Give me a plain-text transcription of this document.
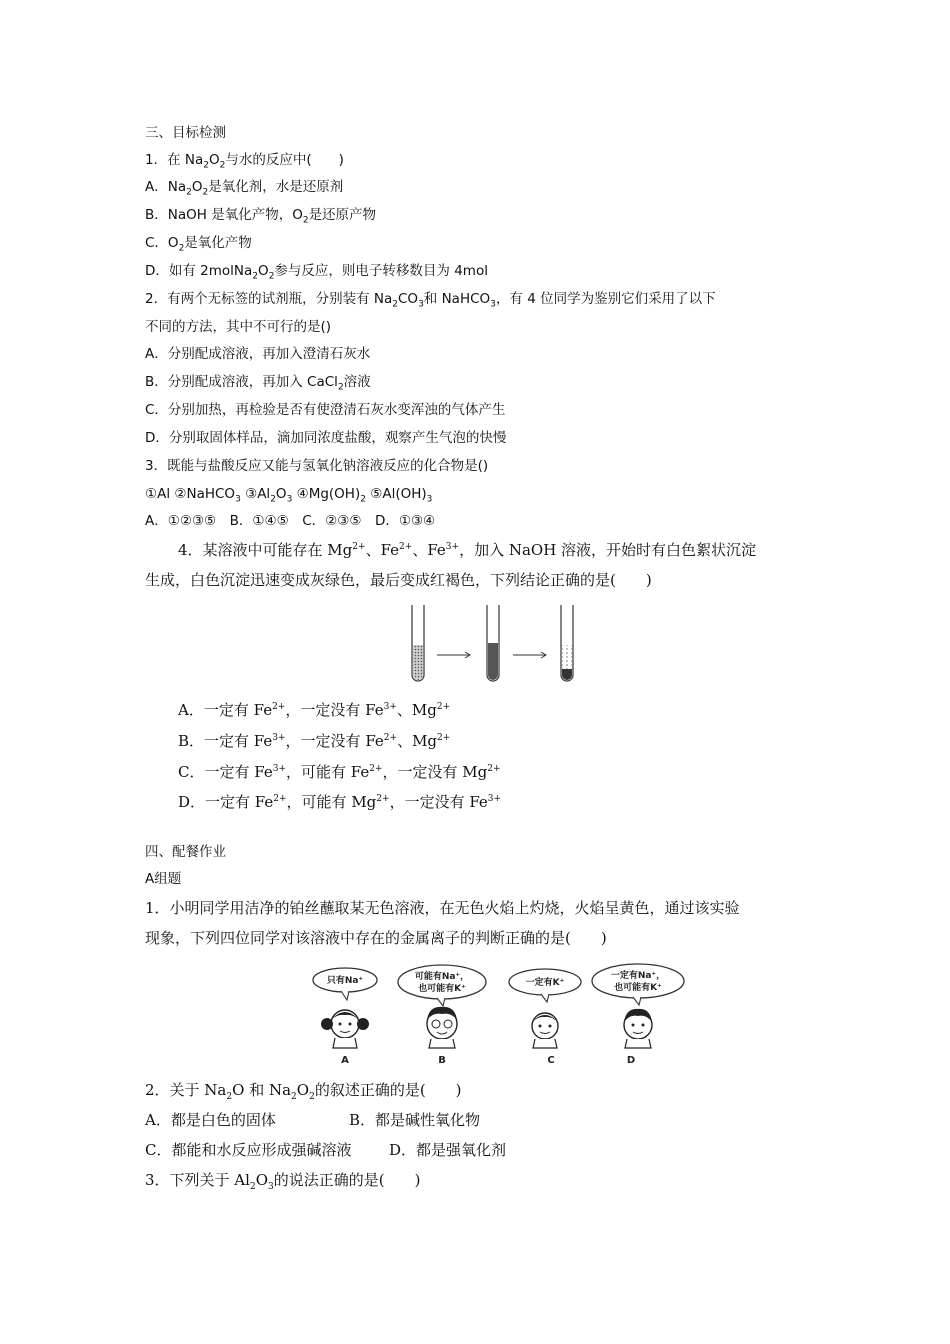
三、目标检测
1．在 $Na_2O_2$与水的反应中(　　)
A．$Na_2O_2$是氧化剂，水是还原剂
B．NaOH 是氧化产物，$O_2$是还原产物
C．$O_2$是氧化产物
D．如有 $2molNa_2O_2$参与反应，则电子转移数目为 4mol
2．有两个无标签的试剂瓶，分别装有 $Na_2CO_3$和 NaHCO$_3$，有 4 位同学为鉴别它们采用了以下
不同的方法，其中不可行的是()
A．分别配成溶液，再加入澄清石灰水
B．分别配成溶液，再加入 CaCl$_2$溶液
C．分别加热，再检验是否有使澄清石灰水变浑浊的气体产生
D．分别取固体样品，滴加同浓度盐酸，观察产生气泡的快慢
3．既能与盐酸反应又能与氢氧化钠溶液反应的化合物是()
①Al ②NaHCO$_3$ $③Al_2O_3$ $④Mg(OH)_2$ $⑤Al(OH)_3$
A．①②③⑤　B．①④⑤　C．②③⑤　D．①③④
4．某溶液中可能存在 $Mg^{2+}$、$Fe^{2+}$、$Fe^{3+}$，加入 NaOH 溶液，开始时有白色絮状沉淀
生成，白色沉淀迅速变成灰绿色，最后变成红褐色，下列结论正确的是(　　)
A．一定有 $Fe^{2+}$，一定没有 $Fe^{3+}$、$Mg^{2+}$
B．一定有 $Fe^{3+}$，一定没有 $Fe^{2+}$、$Mg^{2+}$
C．一定有 $Fe^{3+}$，可能有 $Fe^{2+}$，一定没有 $Mg^{2+}$
D．一定有 $Fe^{2+}$，可能有 $Mg^{2+}$，一定没有 $Fe^{3+}$
四、配餐作业
A组题
1．小明同学用洁净的铂丝蘸取某无色溶液，在无色火焰上灼烧，火焰呈黄色，通过该实验
现象，下列四位同学对该溶液中存在的金属离子的判断正确的是(　　)
只有Na⁺	可能有Na⁺，
也可能有K⁺
一定有K⁺
一定有Na⁺，
也可能有K⁺
A	B	C	D
2．关于 $Na_2O$ 和 $Na_2O_2$的叙述正确的是(　　)
A．都是白色的固体	B．都是碱性氧化物
C．都能和水反应形成强碱溶液	D．都是强氧化剂
3．下列关于 $Al_2O_3$的说法正确的是(　　)
